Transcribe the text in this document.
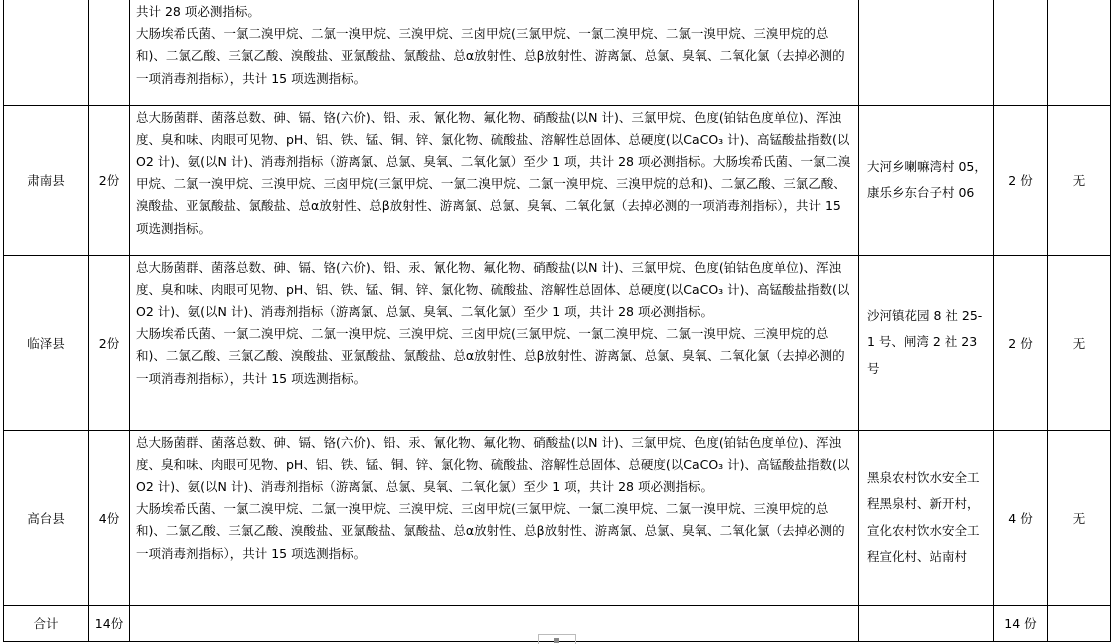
		共计 28 项必测指标。
大肠埃希氏菌、一氯二溴甲烷、二氯一溴甲烷、三溴甲烷、三卤甲烷(三氯甲烷、一氯二溴甲烷、二氯一溴甲烷、三溴甲烷的总和)、二氯乙酸、三氯乙酸、溴酸盐、亚氯酸盐、氯酸盐、总α放射性、总β放射性、游离氯、总氯、臭氧、二氧化氯（去掉必测的一项消毒剂指标），共计 15 项选测指标。			

肃南县	2份	总大肠菌群、菌落总数、砷、镉、铬(六价)、铅、汞、氰化物、氟化物、硝酸盐(以N 计)、三氯甲烷、色度(铂钴色度单位)、浑浊度、臭和味、肉眼可见物、pH、铝、铁、锰、铜、锌、氯化物、硫酸盐、溶解性总固体、总硬度(以CaCO₃ 计)、高锰酸盐指数(以 O2 计)、氨(以N 计)、消毒剂指标（游离氯、总氯、臭氧、二氧化氯）至少 1 项，共计 28 项必测指标。大肠埃希氏菌、一氯二溴甲烷、二氯一溴甲烷、三溴甲烷、三卤甲烷(三氯甲烷、一氯二溴甲烷、二氯一溴甲烷、三溴甲烷的总和)、二氯乙酸、三氯乙酸、溴酸盐、亚氯酸盐、氯酸盐、总α放射性、总β放射性、游离氯、总氯、臭氧、二氧化氯（去掉必测的一项消毒剂指标），共计 15 项选测指标。	大河乡喇嘛湾村 05，康乐乡东台子村 06	2 份	无
临泽县	2份	总大肠菌群、菌落总数、砷、镉、铬(六价)、铅、汞、氰化物、氟化物、硝酸盐(以N 计)、三氯甲烷、色度(铂钴色度单位)、浑浊度、臭和味、肉眼可见物、pH、铝、铁、锰、铜、锌、氯化物、硫酸盐、溶解性总固体、总硬度(以CaCO₃ 计)、高锰酸盐指数(以 O2 计)、氨(以N 计)、消毒剂指标（游离氯、总氯、臭氧、二氧化氯）至少 1 项，共计 28 项必测指标。
大肠埃希氏菌、一氯二溴甲烷、二氯一溴甲烷、三溴甲烷、三卤甲烷(三氯甲烷、一氯二溴甲烷、二氯一溴甲烷、三溴甲烷的总和)、二氯乙酸、三氯乙酸、溴酸盐、亚氯酸盐、氯酸盐、总α放射性、总β放射性、游离氯、总氯、臭氧、二氧化氯（去掉必测的一项消毒剂指标），共计 15 项选测指标。	沙河镇花园 8 社 25-1 号、闸湾 2 社 23 号	2 份	无
高台县	4份	总大肠菌群、菌落总数、砷、镉、铬(六价)、铅、汞、氰化物、氟化物、硝酸盐(以N 计)、三氯甲烷、色度(铂钴色度单位)、浑浊度、臭和味、肉眼可见物、pH、铝、铁、锰、铜、锌、氯化物、硫酸盐、溶解性总固体、总硬度(以CaCO₃ 计)、高锰酸盐指数(以 O2 计)、氨(以N 计)、消毒剂指标（游离氯、总氯、臭氧、二氧化氯）至少 1 项，共计 28 项必测指标。
大肠埃希氏菌、一氯二溴甲烷、二氯一溴甲烷、三溴甲烷、三卤甲烷(三氯甲烷、一氯二溴甲烷、二氯一溴甲烷、三溴甲烷的总和)、二氯乙酸、三氯乙酸、溴酸盐、亚氯酸盐、氯酸盐、总α放射性、总β放射性、游离氯、总氯、臭氧、二氧化氯（去掉必测的一项消毒剂指标），共计 15 项选测指标。	黑泉农村饮水安全工程黑泉村、新开村，宣化农村饮水安全工程宣化村、站南村	4 份	无
合计	14份			14 份	
